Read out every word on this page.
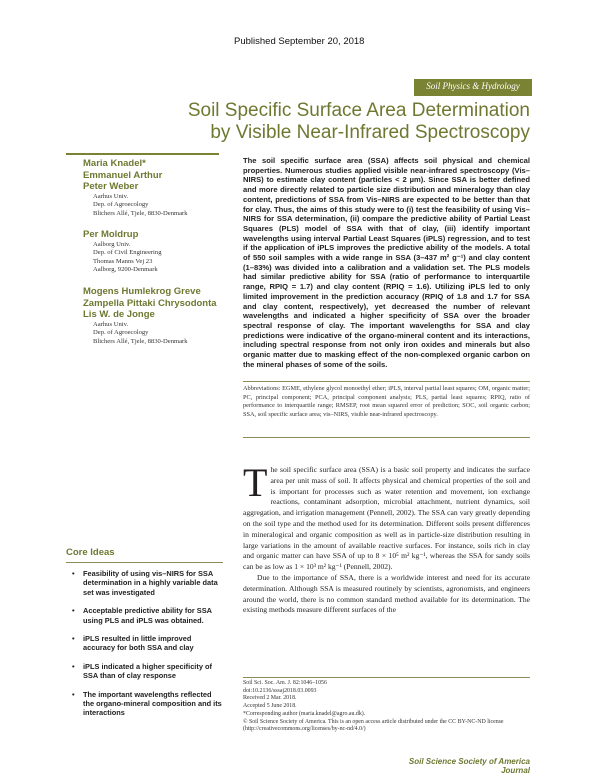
Published September 20, 2018
Soil Physics & Hydrology
Soil Specific Surface Area Determination
by Visible Near-Infrared Spectroscopy
Maria Knadel*
Emmanuel Arthur
Peter Weber
Aarhus Univ.
Dep. of Agroecology
Blichers Allé, Tjele, 8830-Denmark
Per Moldrup
Aalborg Univ.
Dep. of Civil Engineering
Thomas Manns Vej 23
Aalborg, 9200-Denmark
Mogens Humlekrog Greve
Zampella Pittaki Chrysodonta
Lis W. de Jonge
Aarhus Univ.
Dep. of Agroecology
Blichers Allé, Tjele, 8830-Denmark
The soil specific surface area (SSA) affects soil physical and chemical properties. Numerous studies applied visible near-infrared spectroscopy (Vis–NIRS) to estimate clay content (particles < 2 µm). Since SSA is better defined and more directly related to particle size distribution and mineralogy than clay content, predictions of SSA from Vis–NIRS are expected to be better than that for clay. Thus, the aims of this study were to (i) test the feasibility of using Vis–NIRS for SSA determination, (ii) compare the predictive ability of Partial Least Squares (PLS) model of SSA with that of clay, (iii) identify important wavelengths using interval Partial Least Squares (iPLS) regression, and to test if the application of iPLS improves the predictive ability of the models. A total of 550 soil samples with a wide range in SSA (3–437 m² g⁻¹) and clay content (1–83%) was divided into a calibration and a validation set. The PLS models had similar predictive ability for SSA (ratio of performance to interquartile range, RPIQ = 1.7) and clay content (RPIQ = 1.6). Utilizing iPLS led to only limited improvement in the prediction accuracy (RPIQ of 1.8 and 1.7 for SSA and clay content, respectively), yet decreased the number of relevant wavelengths and indicated a higher specificity of SSA over the broader spectral response of clay. The important wavelengths for SSA and clay predictions were indicative of the organo-mineral content and its interactions, including spectral response from not only iron oxides and minerals but also organic matter due to masking effect of the non-complexed organic carbon on the mineral phases of some of the soils.
Abbreviations: EGME, ethylene glycol monoethyl ether; iPLS, interval partial least squares; OM, organic matter; PC, principal component; PCA, principal component analysis; PLS, partial least squares; RPIQ, ratio of performance to interquartile range; RMSEP, root mean squared error of prediction; SOC, soil organic carbon; SSA, soil specific surface area; vis–NIRS, visible near-infrared spectroscopy.

The soil specific surface area (SSA) is a basic soil property and indicates the surface area per unit mass of soil. It affects physical and chemical properties of the soil and is important for processes such as water retention and movement, ion exchange reactions, contaminant adsorption, microbial attachment, nutrient dynamics, soil aggregation, and irrigation management (Pennell, 2002). The SSA can vary greatly depending on the soil type and the method used for its determination. Different soils present differences in mineralogical and organic composition as well as in particle-size distribution resulting in large variations in the amount of available reactive surfaces. For instance, soils rich in clay and organic matter can have SSA of up to 8 × 10⁵ m² kg⁻¹, whereas the SSA for sandy soils can be as low as 1 × 10³ m² kg⁻¹ (Pennell, 2002).

Due to the importance of SSA, there is a worldwide interest and need for its accurate determination. Although SSA is measured routinely by scientists, agronomists, and engineers around the world, there is no common standard method available for its determination. The existing methods measure different surfaces of the

Core Ideas
• Feasibility of using vis–NIRS for SSA determination in a highly variable data set was investigated
• Acceptable predictive ability for SSA using PLS and iPLS was obtained.
• iPLS resulted in little improved accuracy for both SSA and clay
• iPLS indicated a higher specificity of SSA than of clay response
• The important wavelengths reflected the organo-mineral composition and its interactions
Soil Sci. Soc. Am. J. 82:1046–1056
doi:10.2136/sssaj2018.03.0093
Received 2 Mar. 2018.
Accepted 5 June 2018.
*Corresponding author (maria.knadel@agro.au.dk).
© Soil Science Society of America. This is an open access article distributed under the CC BY-NC-ND license (http://creativecommons.org/licenses/by-nc-nd/4.0/)
Soil Science Society of America Journal
